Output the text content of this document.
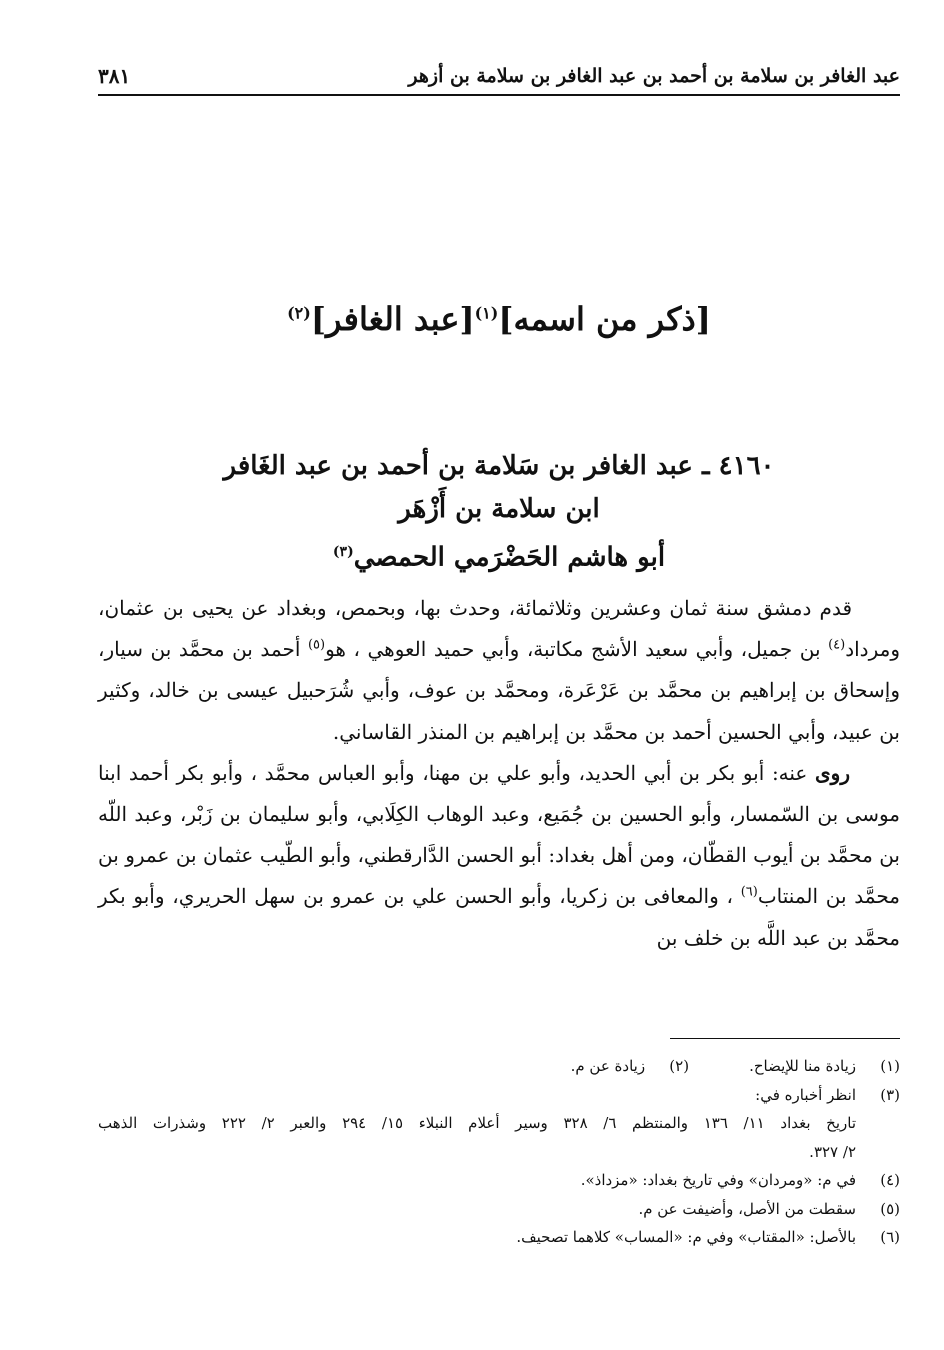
عبد الغافر بن سلامة بن أحمد بن عبد الغافر بن سلامة بن أزهر
٣٨١
[ذكر من اسمه]$^{(١)}$[عبد الغافر]$^{(٢)}$
٤١٦٠ ـ عبد الغافر بن سَلامة بن أحمد بن عبد الغَافر
ابن سلامة بن أَزْهَر
أبو هاشم الحَضْرَمي الحمصي$^{(٣)}$

قدم دمشق سنة ثمان وعشرين وثلاثمائة، وحدث بها، وبحمص، وبغداد عن يحيى بن عثمان، ومرداد$^{(٤)}$ بن جميل، وأبي سعيد الأشج مكاتبة، وأبي حميد العوهي ، هو$^{(٥)}$ أحمد بن محمَّد بن سيار، وإسحاق بن إبراهيم بن محمَّد بن عَرْعَرة، ومحمَّد بن عوف، وأبي شُرَحبيل عيسى بن خالد، وكثير بن عبيد، وأبي الحسين أحمد بن محمَّد بن إبراهيم بن المنذر القاساني.

روى عنه: أبو بكر بن أبي الحديد، وأبو علي بن مهنا، وأبو العباس محمَّد ، وأبو بكر أحمد ابنا موسى بن السّمسار، وأبو الحسين بن جُمَيع، وعبد الوهاب الكِلَابي، وأبو سليمان بن زَبْر، وعبد اللّه بن محمَّد بن أيوب القطّان، ومن أهل بغداد: أبو الحسن الدَّارقطني، وأبو الطّيب عثمان بن عمرو بن محمَّد بن المنتاب$^{(٦)}$ ، والمعافى بن زكريا، وأبو الحسن علي بن عمرو بن سهل الحريري، وأبو بكر محمَّد بن عبد اللَّه بن خلف بن

(١)
زيادة منا للإيضاح.
(٢)
زيادة عن م.
(٣)
انظر أخباره في:
تاريخ بغداد ١١/ ١٣٦ والمنتظم ٦/ ٣٢٨ وسير أعلام النبلاء ١٥/ ٢٩٤ والعبر ٢/ ٢٢٢ وشذرات الذهب
٢/ ٣٢٧.
(٤)
في م: «ومردان» وفي تاريخ بغداد: «مزداذ».
(٥)
سقطت من الأصل، وأضيفت عن م.
(٦)
بالأصل: «المقتاب» وفي م: «المساب» كلاهما تصحيف.
